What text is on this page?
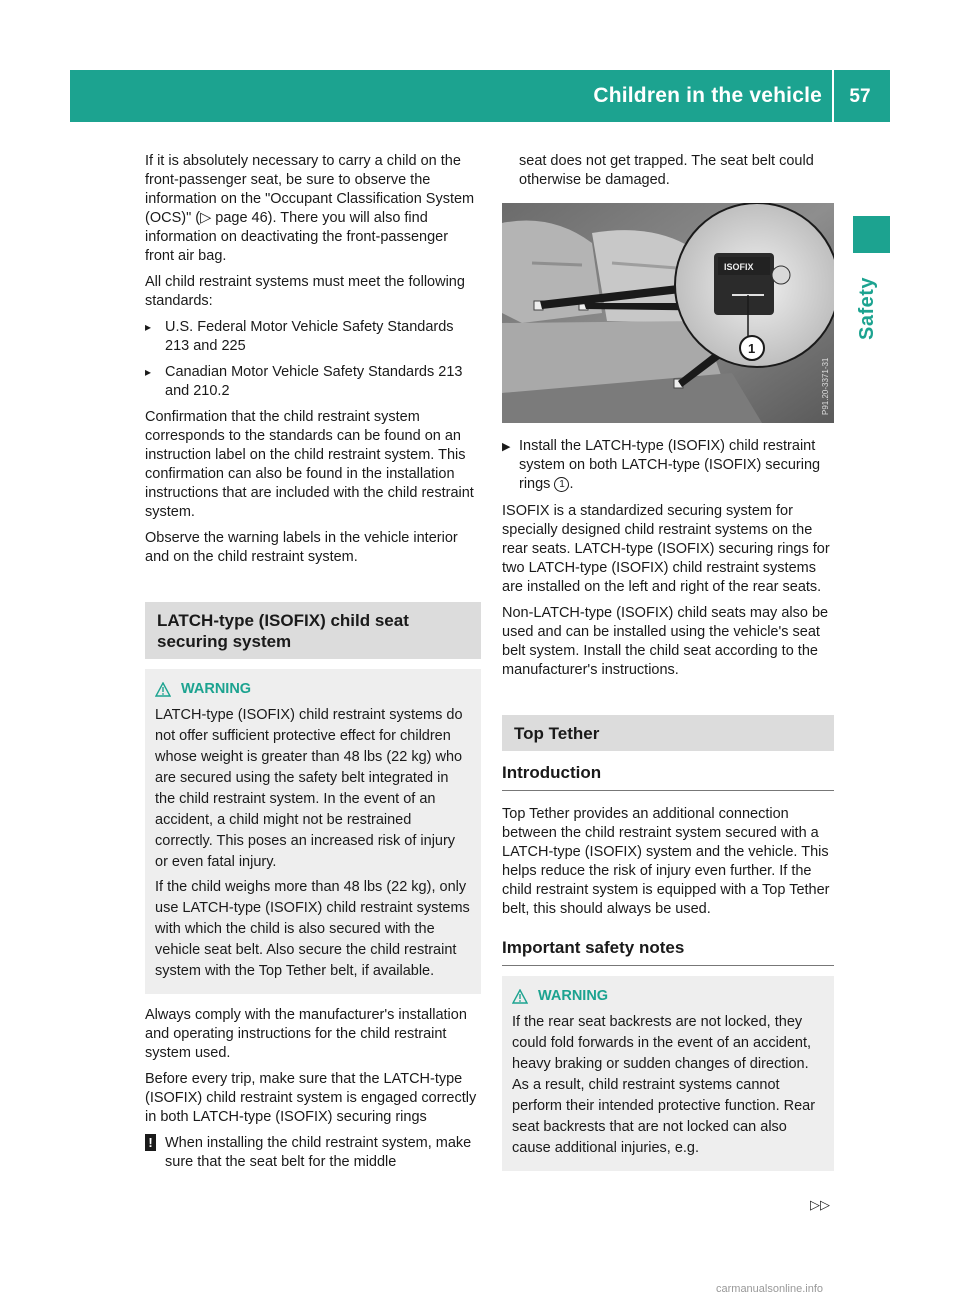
Children in the vehicle	57
Safety

If it is absolutely necessary to carry a child on the front-passenger seat, be sure to observe the information on the "Occupant Classification System (OCS)" (▷ page 46). There you will also find information on deactivating the front-passenger front air bag.

All child restraint systems must meet the following standards:

▸
U.S. Federal Motor Vehicle Safety Standards 213 and 225
▸
Canadian Motor Vehicle Safety Standards 213 and 210.2

Confirmation that the child restraint system corresponds to the standards can be found on an instruction label on the child restraint system. This confirmation can also be found in the installation instructions that are included with the child restraint system.

Observe the warning labels in the vehicle interior and on the child restraint system.

LATCH-type (ISOFIX) child seat securing system
WARNING

LATCH-type (ISOFIX) child restraint systems do not offer sufficient protective effect for children whose weight is greater than 48 lbs (22 kg) who are secured using the safety belt integrated in the child restraint system. In the event of an accident, a child might not be restrained correctly. This poses an increased risk of injury or even fatal injury.

If the child weighs more than 48 lbs (22 kg), only use LATCH-type (ISOFIX) child restraint systems with which the child is also secured with the vehicle seat belt. Also secure the child restraint system with the Top Tether belt, if available.

Always comply with the manufacturer's installation and operating instructions for the child restraint system used.

Before every trip, make sure that the LATCH-type (ISOFIX) child restraint system is engaged correctly in both LATCH-type (ISOFIX) securing rings

! When installing the child restraint system, make sure that the seat belt for the middle

seat does not get trapped. The seat belt could otherwise be damaged.

ISOFIX
1
P91.20-3371-31
▶ Install the LATCH-type (ISOFIX) child restraint system on both LATCH-type (ISOFIX) securing rings 1 .

ISOFIX is a standardized securing system for specially designed child restraint systems on the rear seats. LATCH-type (ISOFIX) securing rings for two LATCH-type (ISOFIX) child restraint systems are installed on the left and right of the rear seats.

Non-LATCH-type (ISOFIX) child seats may also be used and can be installed using the vehicle's seat belt system. Install the child seat according to the manufacturer's instructions.

Top Tether
Introduction

Top Tether provides an additional connection between the child restraint system secured with a LATCH-type (ISOFIX) system and the vehicle. This helps reduce the risk of injury even further. If the child restraint system is equipped with a Top Tether belt, this should always be used.

Important safety notes
WARNING

If the rear seat backrests are not locked, they could fold forwards in the event of an accident, heavy braking or sudden changes of direction. As a result, child restraint systems cannot perform their intended protective function. Rear seat backrests that are not locked can also cause additional injuries, e.g.

▷▷
carmanualsonline.info
